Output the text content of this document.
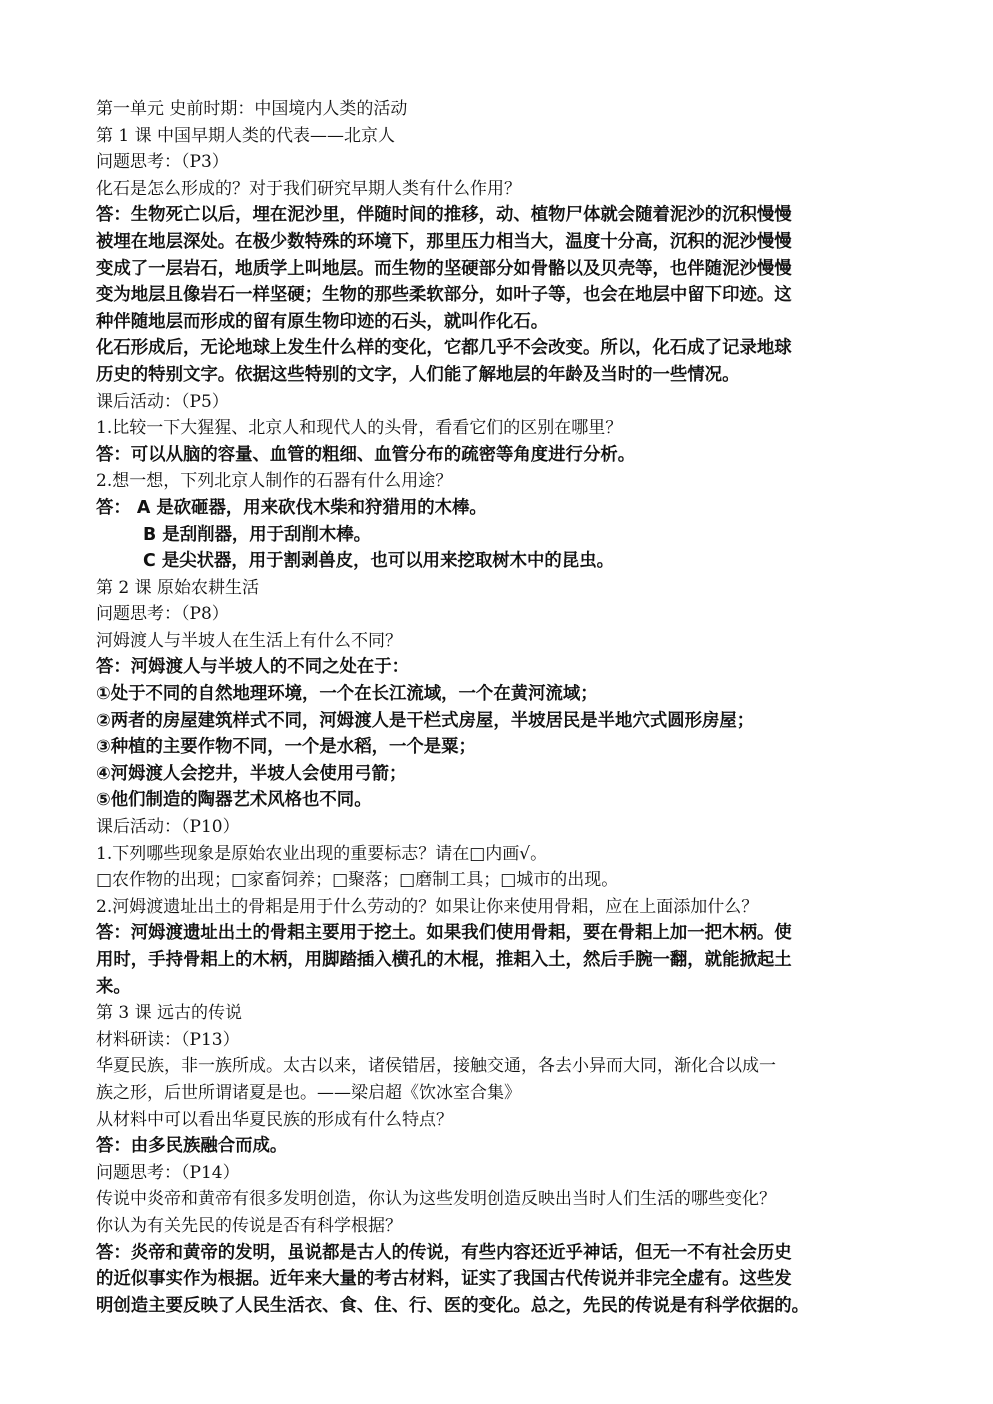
第一单元 史前时期：中国境内人类的活动
第 1 课 中国早期人类的代表——北京人
问题思考：（P3）
化石是怎么形成的？对于我们研究早期人类有什么作用？
答：生物死亡以后，埋在泥沙里，伴随时间的推移，动、植物尸体就会随着泥沙的沉积慢慢
被埋在地层深处。在极少数特殊的环境下，那里压力相当大，温度十分高，沉积的泥沙慢慢
变成了一层岩石，地质学上叫地层。而生物的坚硬部分如骨骼以及贝壳等，也伴随泥沙慢慢
变为地层且像岩石一样坚硬；生物的那些柔软部分，如叶子等，也会在地层中留下印迹。这
种伴随地层而形成的留有原生物印迹的石头，就叫作化石。
化石形成后，无论地球上发生什么样的变化，它都几乎不会改变。所以，化石成了记录地球
历史的特别文字。依据这些特别的文字，人们能了解地层的年龄及当时的一些情况。
课后活动：（P5）
1.比较一下大猩猩、北京人和现代人的头骨，看看它们的区别在哪里？
答：可以从脑的容量、血管的粗细、血管分布的疏密等角度进行分析。
2.想一想，下列北京人制作的石器有什么用途？
答： A 是砍砸器，用来砍伐木柴和狩猎用的木棒。
B 是刮削器，用于刮削木棒。
C 是尖状器，用于割剥兽皮，也可以用来挖取树木中的昆虫。
第 2 课 原始农耕生活
问题思考：（P8）
河姆渡人与半坡人在生活上有什么不同？
答：河姆渡人与半坡人的不同之处在于：
①处于不同的自然地理环境，一个在长江流域，一个在黄河流域；
②两者的房屋建筑样式不同，河姆渡人是干栏式房屋，半坡居民是半地穴式圆形房屋；
③种植的主要作物不同，一个是水稻，一个是粟；
④河姆渡人会挖井，半坡人会使用弓箭；
⑤他们制造的陶器艺术风格也不同。
课后活动：（P10）
1.下列哪些现象是原始农业出现的重要标志？请在□内画√。
□农作物的出现；□家畜饲养；□聚落；□磨制工具；□城市的出现。
2.河姆渡遗址出土的骨耜是用于什么劳动的？如果让你来使用骨耜，应在上面添加什么？
答：河姆渡遗址出土的骨耜主要用于挖土。如果我们使用骨耜，要在骨耜上加一把木柄。使
用时，手持骨耜上的木柄，用脚踏插入横孔的木棍，推耜入土，然后手腕一翻，就能掀起土
来。
第 3 课 远古的传说
材料研读：（P13）
华夏民族，非一族所成。太古以来，诸侯错居，接触交通，各去小异而大同，渐化合以成一
族之形，后世所谓诸夏是也。——梁启超《饮冰室合集》
从材料中可以看出华夏民族的形成有什么特点？
答：由多民族融合而成。
问题思考：（P14）
传说中炎帝和黄帝有很多发明创造，你认为这些发明创造反映出当时人们生活的哪些变化？
你认为有关先民的传说是否有科学根据？
答：炎帝和黄帝的发明，虽说都是古人的传说，有些内容还近乎神话，但无一不有社会历史
的近似事实作为根据。近年来大量的考古材料，证实了我国古代传说并非完全虚有。这些发
明创造主要反映了人民生活衣、食、住、行、医的变化。总之，先民的传说是有科学依据的。
